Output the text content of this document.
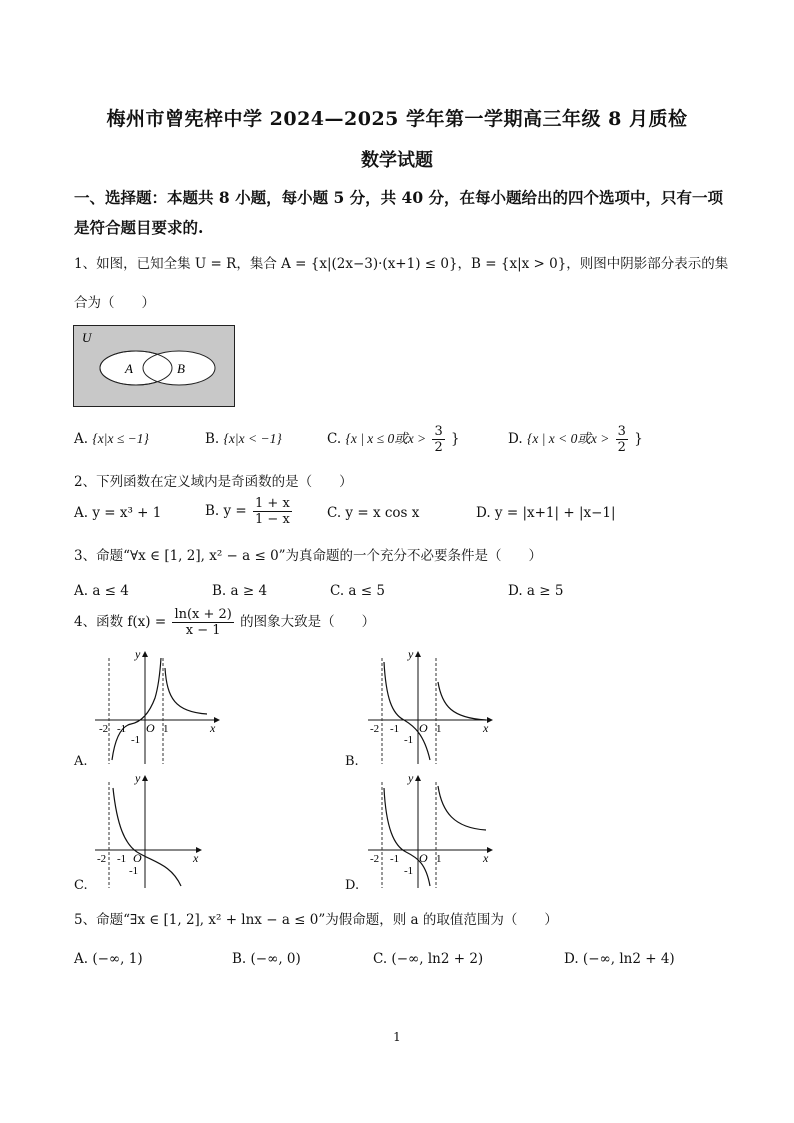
梅州市曾宪梓中学 2024—2025 学年第一学期高三年级 8 月质检
数学试题
一、选择题：本题共 8 小题，每小题 5 分，共 40 分，在每小题给出的四个选项中，只有一项
是符合题目要求的.
1、如图，已知全集 U = R，集合 A = {x|(2x−3)·(x+1) ≤ 0}，B = {x|x > 0}，则图中阴影部分表示的集
合为（　　）
U
A	B
A. {x|x ≤ −1}	B. {x|x < −1}	C. {x | x ≤ 0或$x > \frac{3}{2}$ }	D. {x | x < 0或$x > \frac{3}{2}$ }
2、下列函数在定义域内是奇函数的是（　　）
A. y = x³ + 1	B. $y = \frac{1 + x}{1 - x}$	C. y = x cos x	D. y = |x+1| + |x−1|
3、命题“∀x ∈ [1, 2], x² − a ≤ 0”为真命题的一个充分不必要条件是（　　）
A. a ≤ 4	B. a ≥ 4	C. a ≤ 5	D. a ≥ 5
4、函数 $f(x) = \frac{\ln(x + 2)}{x - 1}$ 的图象大致是（　　）
y
x
-2 -1 O 1
-1
A.
y
x
-2 -1 O 1
-1
B.
y
x
-2 -1 O
-1
C.
y
x
-2 -1 O 1
-1
D.
5、命题“∃x ∈ [1, 2], x² + lnx − a ≤ 0”为假命题，则 a 的取值范围为（　　）
A. (−∞, 1)	B. (−∞, 0)	C. (−∞, ln2 + 2)	D. (−∞, ln2 + 4)
1
